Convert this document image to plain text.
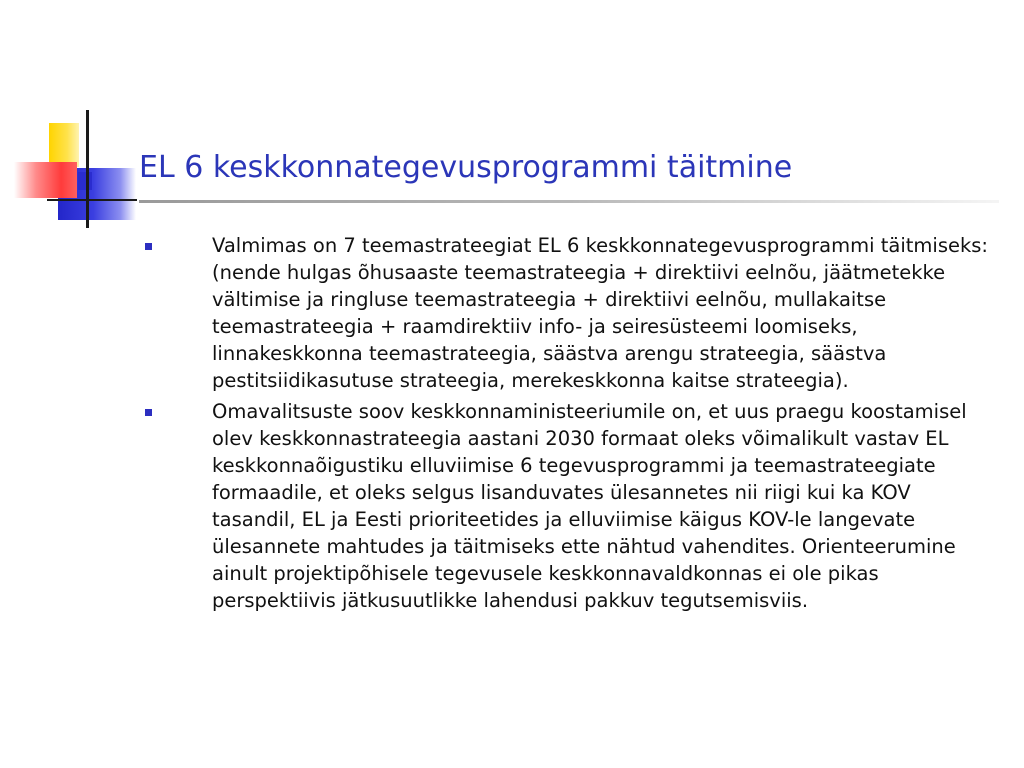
EL 6 keskkonnategevusprogrammi täitmine
Valmimas on 7 teemastrateegiat EL 6 keskkonnategevusprogrammi täitmiseks: (nende hulgas õhusaaste teemastrateegia + direktiivi eelnõu, jäätmetekke vältimise ja ringluse teemastrateegia + direktiivi eelnõu, mullakaitse teemastrateegia + raamdirektiiv info- ja seiresüsteemi loomiseks, linnakeskkonna teemastrateegia, säästva arengu strateegia, säästva pestitsiidikasutuse strateegia, merekeskkonna kaitse strateegia).
Omavalitsuste soov keskkonnaministeeriumile on, et uus praegu koostamisel olev keskkonnastrateegia aastani 2030 formaat oleks võimalikult vastav EL keskkonnaõigustiku elluviimise 6 tegevusprogrammi ja teemastrateegiate formaadile, et oleks selgus lisanduvates ülesannetes nii riigi kui ka KOV tasandil, EL ja Eesti prioriteetides ja elluviimise käigus KOV-le langevate ülesannete mahtudes ja täitmiseks ette nähtud vahendites. Orienteerumine ainult projektipõhisele tegevusele keskkonnavaldkonnas ei ole pikas perspektiivis jätkusuutlikke lahendusi pakkuv tegutsemisviis.
